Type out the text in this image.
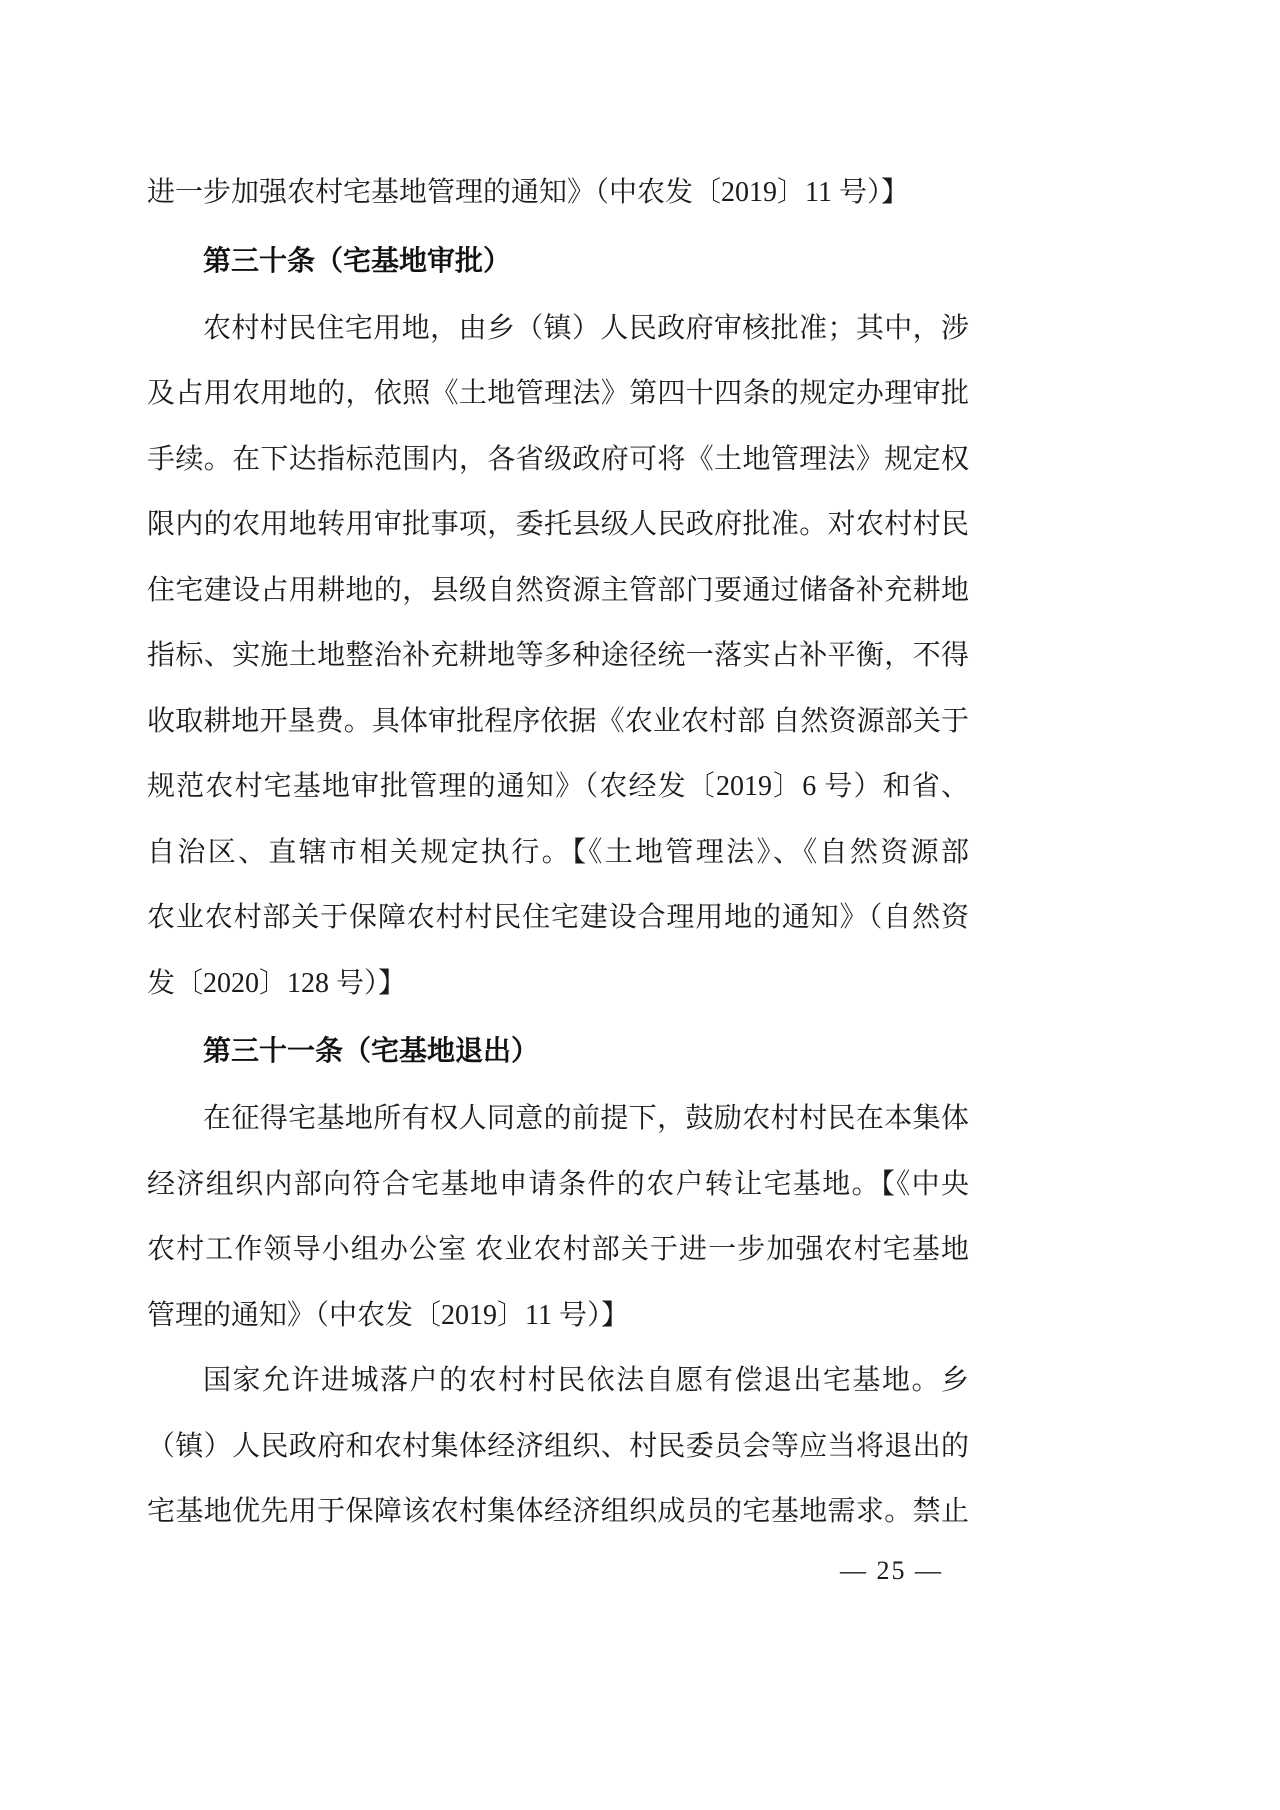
进一步加强农村宅基地管理的通知》（中农发〔2019〕11 号）】
第三十条（宅基地审批）
农村村民住宅用地，由乡（镇）人民政府审核批准；其中，涉
及占用农用地的，依照《土地管理法》第四十四条的规定办理审批
手续。在下达指标范围内，各省级政府可将《土地管理法》规定权
限内的农用地转用审批事项，委托县级人民政府批准。对农村村民
住宅建设占用耕地的，县级自然资源主管部门要通过储备补充耕地
指标、实施土地整治补充耕地等多种途径统一落实占补平衡，不得
收取耕地开垦费。具体审批程序依据《农业农村部 自然资源部关于
规范农村宅基地审批管理的通知》（农经发〔2019〕6 号）和省、
自治区、直辖市相关规定执行。【《土地管理法》、《自然资源部
农业农村部关于保障农村村民住宅建设合理用地的通知》（自然资
发〔2020〕128 号）】
第三十一条（宅基地退出）
在征得宅基地所有权人同意的前提下，鼓励农村村民在本集体
经济组织内部向符合宅基地申请条件的农户转让宅基地。【《中央
农村工作领导小组办公室 农业农村部关于进一步加强农村宅基地
管理的通知》（中农发〔2019〕11 号）】
国家允许进城落户的农村村民依法自愿有偿退出宅基地。乡
（镇）人民政府和农村集体经济组织、村民委员会等应当将退出的
宅基地优先用于保障该农村集体经济组织成员的宅基地需求。禁止
— 25 —
